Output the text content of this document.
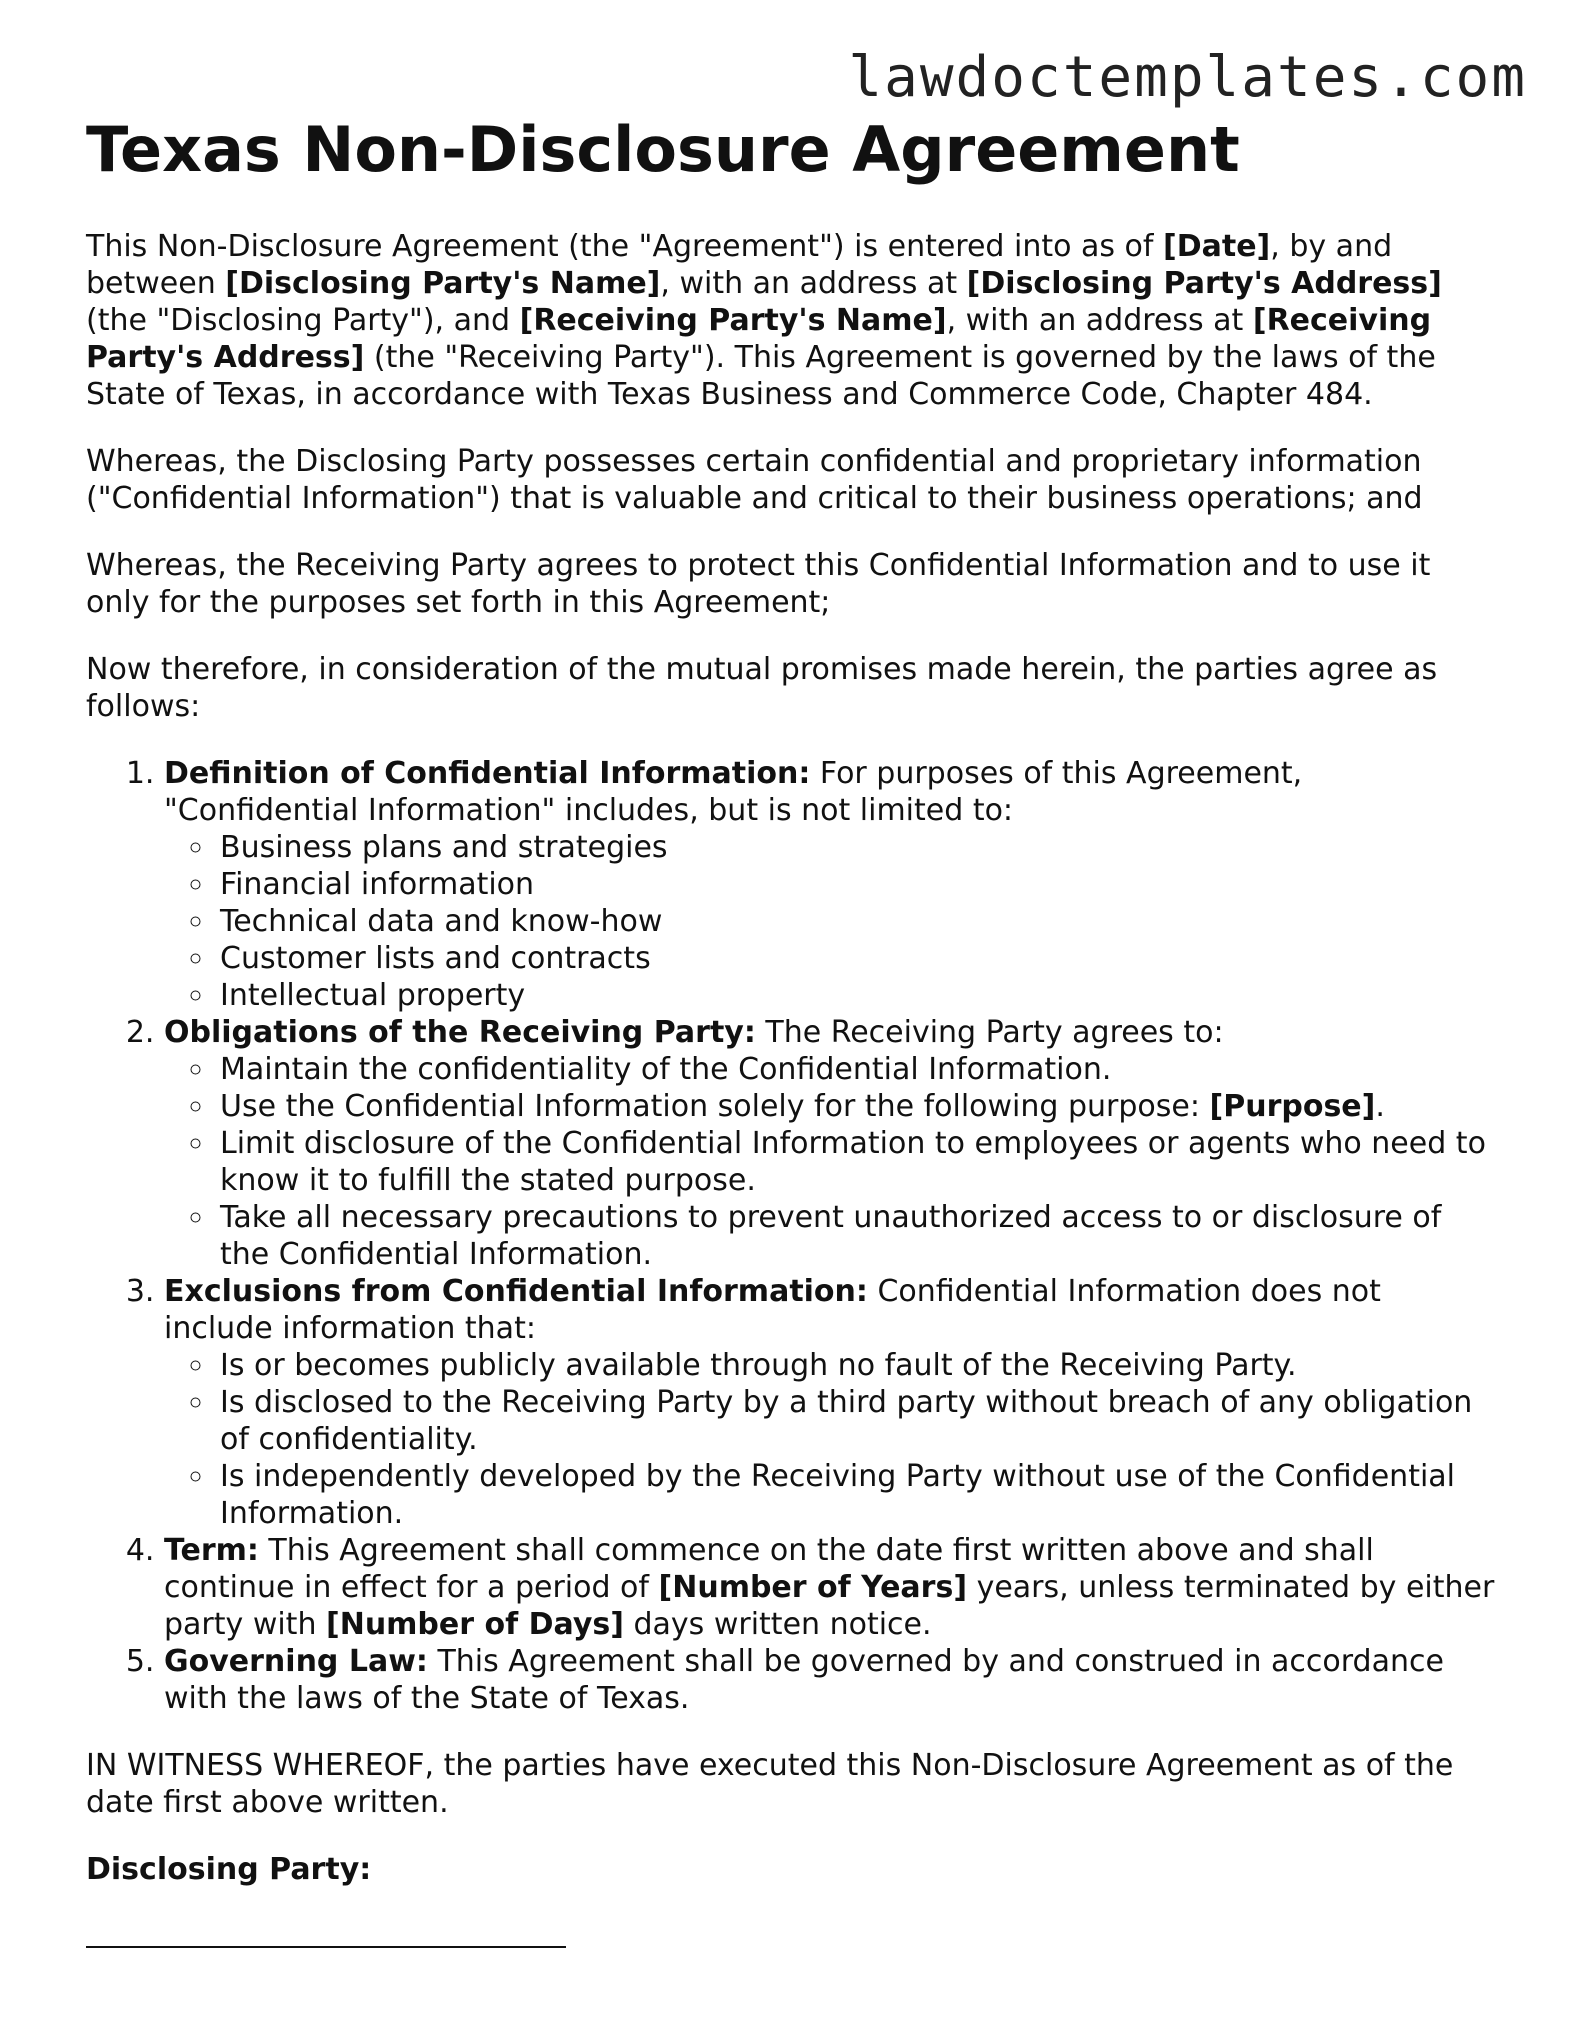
lawdoctemplates.com
Texas Non-Disclosure Agreement

This Non-Disclosure Agreement (the "Agreement") is entered into as of [Date], by and between [Disclosing Party's Name], with an address at [Disclosing Party's Address] (the "Disclosing Party"), and [Receiving Party's Name], with an address at [Receiving Party's Address] (the "Receiving Party"). This Agreement is governed by the laws of the State of Texas, in accordance with Texas Business and Commerce Code, Chapter 484.

Whereas, the Disclosing Party possesses certain confidential and proprietary information ("Confidential Information") that is valuable and critical to their business operations; and

Whereas, the Receiving Party agrees to protect this Confidential Information and to use it only for the purposes set forth in this Agreement;

Now therefore, in consideration of the mutual promises made herein, the parties agree as follows:

1. Definition of Confidential Information: For purposes of this Agreement, "Confidential Information" includes, but is not limited to:
◦ Business plans and strategies
◦ Financial information
◦ Technical data and know-how
◦ Customer lists and contracts
◦ Intellectual property
2. Obligations of the Receiving Party: The Receiving Party agrees to:
◦ Maintain the confidentiality of the Confidential Information.
◦ Use the Confidential Information solely for the following purpose: [Purpose].
◦ Limit disclosure of the Confidential Information to employees or agents who need to know it to fulfill the stated purpose.
◦ Take all necessary precautions to prevent unauthorized access to or disclosure of the Confidential Information.
3. Exclusions from Confidential Information: Confidential Information does not include information that:
◦ Is or becomes publicly available through no fault of the Receiving Party.
◦ Is disclosed to the Receiving Party by a third party without breach of any obligation of confidentiality.
◦ Is independently developed by the Receiving Party without use of the Confidential Information.
4. Term: This Agreement shall commence on the date first written above and shall continue in effect for a period of [Number of Years] years, unless terminated by either party with [Number of Days] days written notice.
5. Governing Law: This Agreement shall be governed by and construed in accordance with the laws of the State of Texas.

IN WITNESS WHEREOF, the parties have executed this Non-Disclosure Agreement as of the date first above written.

Disclosing Party:
